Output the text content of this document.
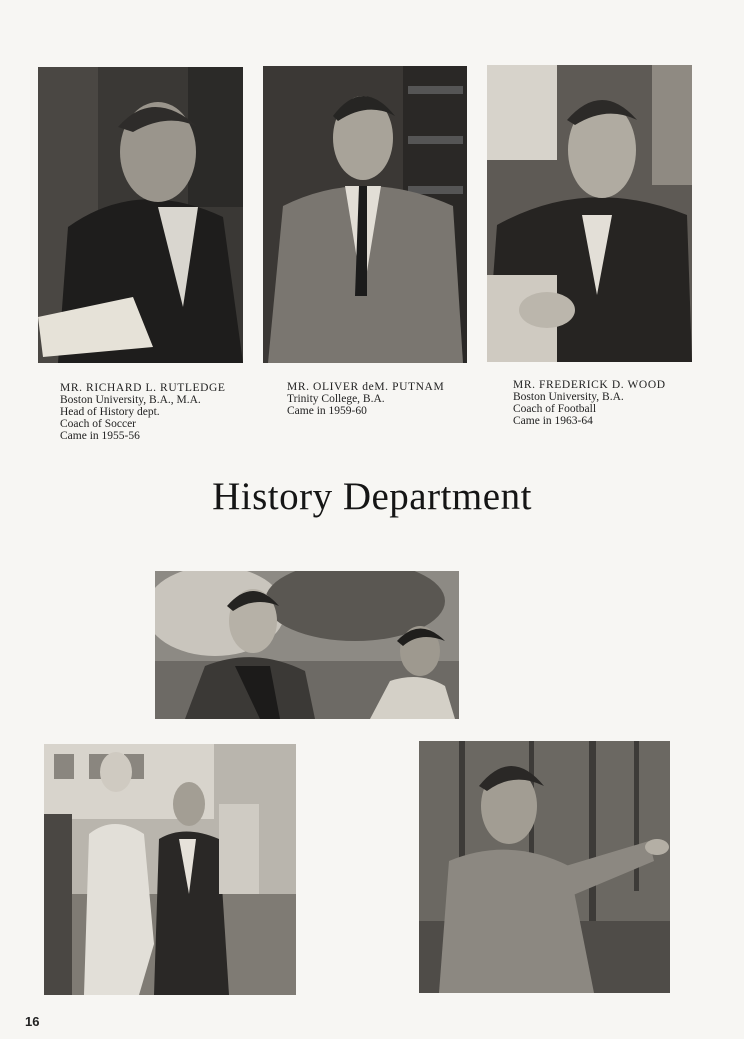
MR. RICHARD L. RUTLEDGE
Boston University, B.A., M.A.
Head of History dept.
Coach of Soccer
Came in 1955-56
MR. OLIVER deM. PUTNAM
Trinity College, B.A.
Came in 1959-60
MR. FREDERICK D. WOOD
Boston University, B.A.
Coach of Football
Came in 1963-64
History Department
16
